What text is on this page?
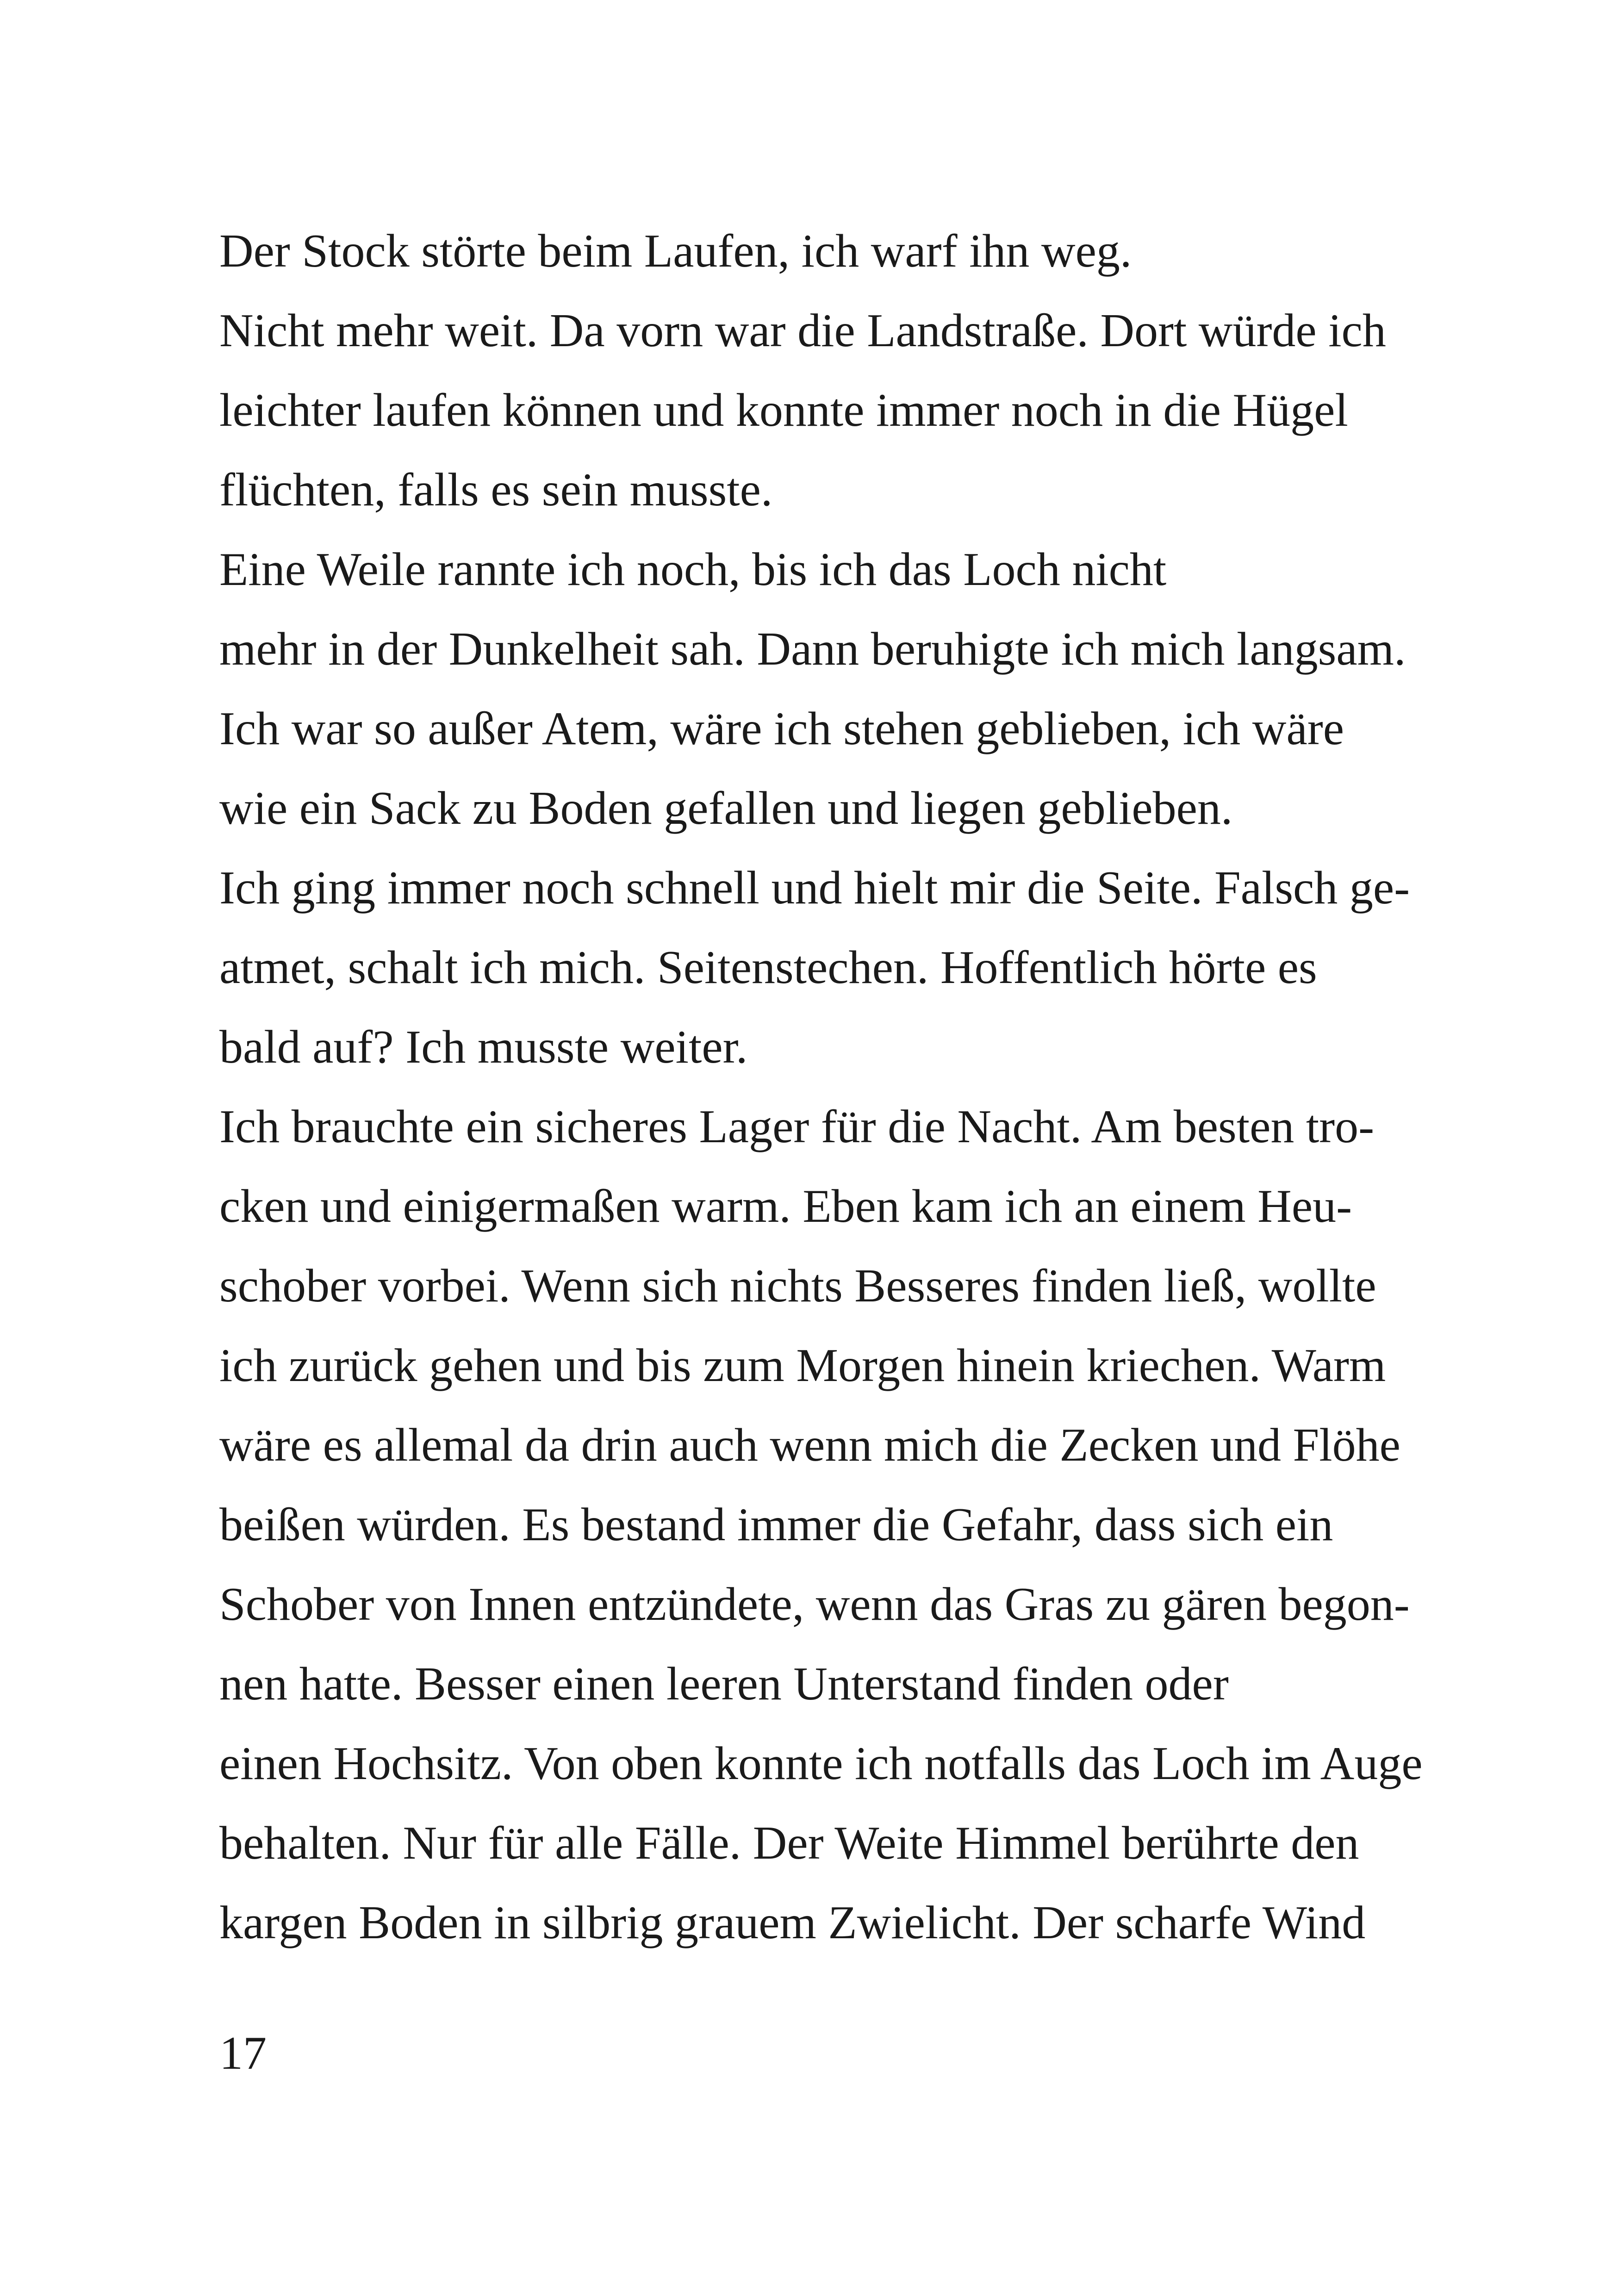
Der Stock störte beim Laufen, ich warf ihn weg.
Nicht mehr weit. Da vorn war die Landstraße. Dort würde ich
leichter laufen können und konnte immer noch in die Hügel
flüchten, falls es sein musste.
Eine Weile rannte ich noch, bis ich das Loch nicht
mehr in der Dunkelheit sah. Dann beruhigte ich mich langsam.
Ich war so außer Atem, wäre ich stehen geblieben, ich wäre
wie ein Sack zu Boden gefallen und liegen geblieben.
Ich ging immer noch schnell und hielt mir die Seite. Falsch ge-
atmet, schalt ich mich. Seitenstechen. Hoffentlich hörte es
bald auf? Ich musste weiter.
Ich brauchte ein sicheres Lager für die Nacht. Am besten tro-
cken und einigermaßen warm. Eben kam ich an einem Heu-
schober vorbei. Wenn sich nichts Besseres finden ließ, wollte
ich zurück gehen und bis zum Morgen hinein kriechen. Warm
wäre es allemal da drin auch wenn mich die Zecken und Flöhe
beißen würden. Es bestand immer die Gefahr, dass sich ein
Schober von Innen entzündete, wenn das Gras zu gären begon-
nen hatte. Besser einen leeren Unterstand finden oder
einen Hochsitz. Von oben konnte ich notfalls das Loch im Auge
behalten. Nur für alle Fälle. Der Weite Himmel berührte den
kargen Boden in silbrig grauem Zwielicht. Der scharfe Wind
17
